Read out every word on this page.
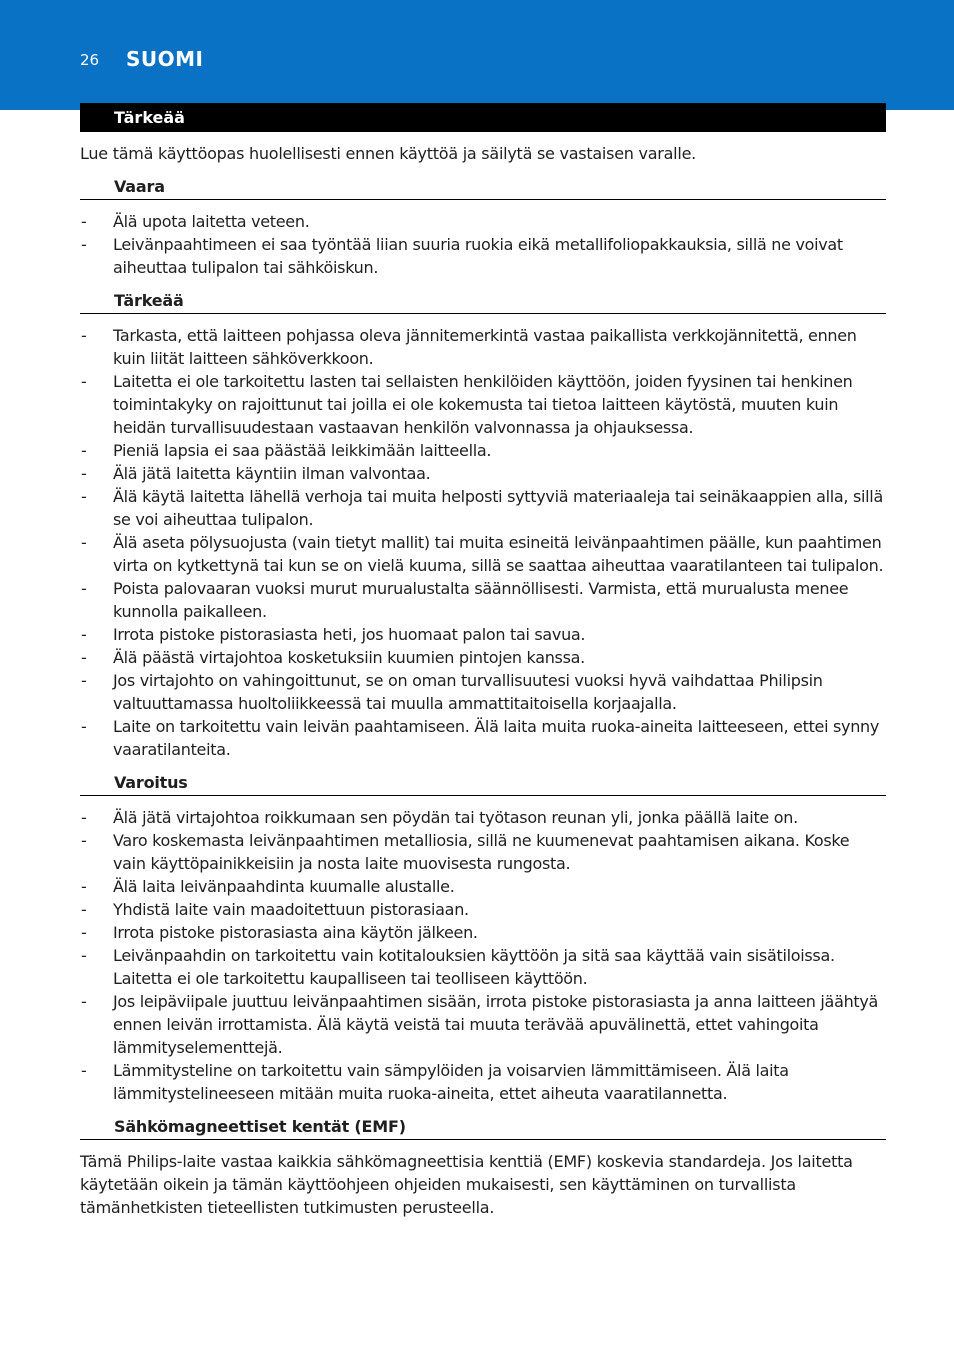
26 SUOMI
Tärkeää

Lue tämä käyttöopas huolellisesti ennen käyttöä ja säilytä se vastaisen varalle.

Vaara
- Älä upota laitetta veteen.
- Leivänpaahtimeen ei saa työntää liian suuria ruokia eikä metallifoliopakkauksia, sillä ne voivat aiheuttaa tulipalon tai sähköiskun.
Tärkeää
- Tarkasta, että laitteen pohjassa oleva jännitemerkintä vastaa paikallista verkkojännitettä, ennen kuin liität laitteen sähköverkkoon.
- Laitetta ei ole tarkoitettu lasten tai sellaisten henkilöiden käyttöön, joiden fyysinen tai henkinen toimintakyky on rajoittunut tai joilla ei ole kokemusta tai tietoa laitteen käytöstä, muuten kuin heidän turvallisuudestaan vastaavan henkilön valvonnassa ja ohjauksessa.
- Pieniä lapsia ei saa päästää leikkimään laitteella.
- Älä jätä laitetta käyntiin ilman valvontaa.
- Älä käytä laitetta lähellä verhoja tai muita helposti syttyviä materiaaleja tai seinäkaappien alla, sillä se voi aiheuttaa tulipalon.
- Älä aseta pölysuojusta (vain tietyt mallit) tai muita esineitä leivänpaahtimen päälle, kun paahtimen virta on kytkettynä tai kun se on vielä kuuma, sillä se saattaa aiheuttaa vaaratilanteen tai tulipalon.
- Poista palovaaran vuoksi murut murualustalta säännöllisesti. Varmista, että murualusta menee kunnolla paikalleen.
- Irrota pistoke pistorasiasta heti, jos huomaat palon tai savua.
- Älä päästä virtajohtoa kosketuksiin kuumien pintojen kanssa.
- Jos virtajohto on vahingoittunut, se on oman turvallisuutesi vuoksi hyvä vaihdattaa Philipsin valtuuttamassa huoltoliikkeessä tai muulla ammattitaitoisella korjaajalla.
- Laite on tarkoitettu vain leivän paahtamiseen. Älä laita muita ruoka-aineita laitteeseen, ettei synny vaaratilanteita.
Varoitus
- Älä jätä virtajohtoa roikkumaan sen pöydän tai työtason reunan yli, jonka päällä laite on.
- Varo koskemasta leivänpaahtimen metalliosia, sillä ne kuumenevat paahtamisen aikana. Koske vain käyttöpainikkeisiin ja nosta laite muovisesta rungosta.
- Älä laita leivänpaahdinta kuumalle alustalle.
- Yhdistä laite vain maadoitettuun pistorasiaan.
- Irrota pistoke pistorasiasta aina käytön jälkeen.
- Leivänpaahdin on tarkoitettu vain kotitalouksien käyttöön ja sitä saa käyttää vain sisätiloissa. Laitetta ei ole tarkoitettu kaupalliseen tai teolliseen käyttöön.
- Jos leipäviipale juuttuu leivänpaahtimen sisään, irrota pistoke pistorasiasta ja anna laitteen jäähtyä ennen leivän irrottamista. Älä käytä veistä tai muuta terävää apuvälinettä, ettet vahingoita lämmityselementtejä.
- Lämmitysteline on tarkoitettu vain sämpylöiden ja voisarvien lämmittämiseen. Älä laita lämmitystelineeseen mitään muita ruoka-aineita, ettet aiheuta vaaratilannetta.
Sähkömagneettiset kentät (EMF)

Tämä Philips-laite vastaa kaikkia sähkömagneettisia kenttiä (EMF) koskevia standardeja. Jos laitetta käytetään oikein ja tämän käyttöohjeen ohjeiden mukaisesti, sen käyttäminen on turvallista tämänhetkisten tieteellisten tutkimusten perusteella.
